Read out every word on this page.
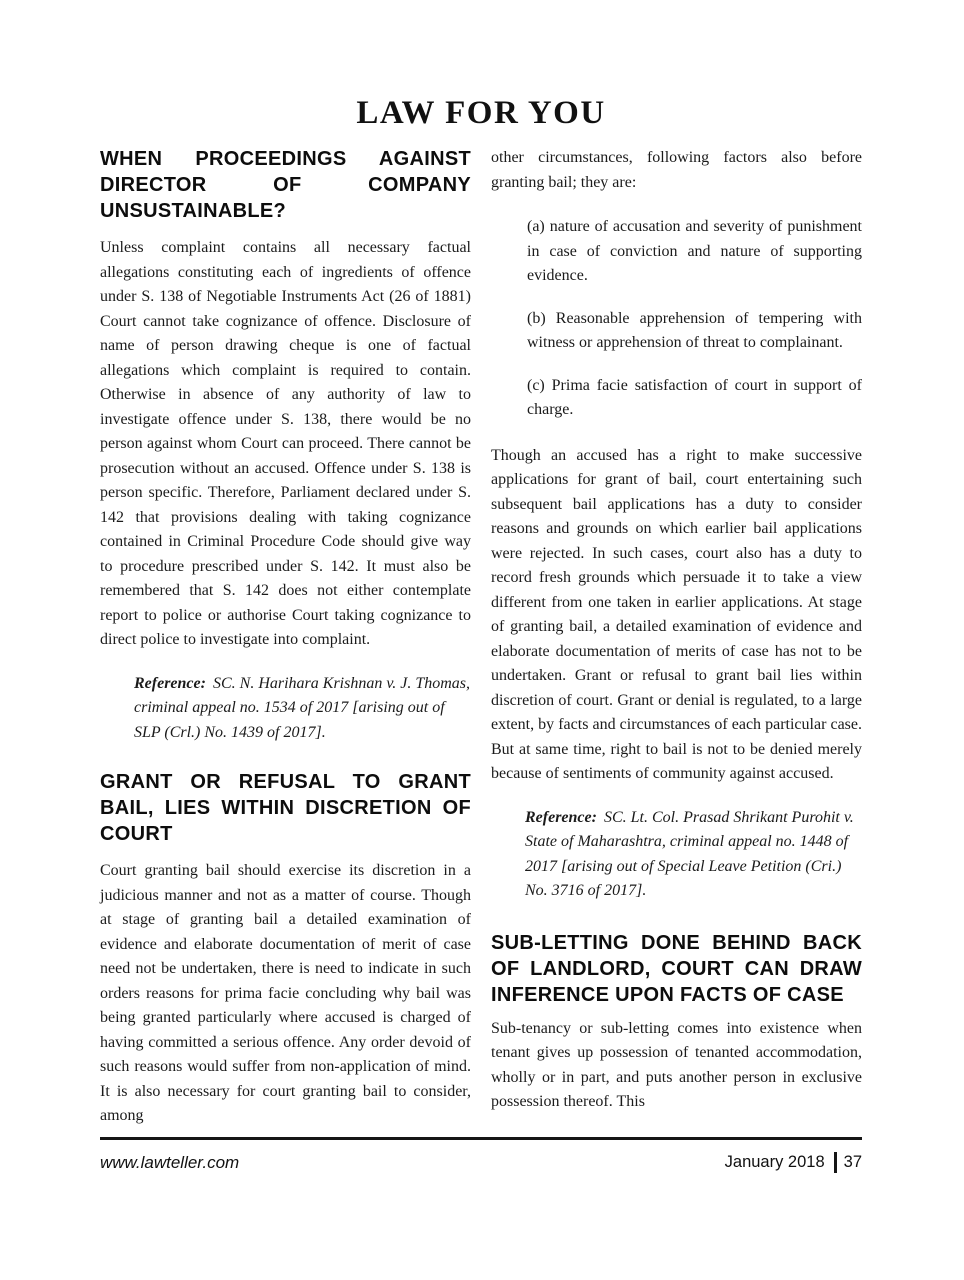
LAW FOR YOU
WHEN PROCEEDINGS AGAINST DIRECTOR OF COMPANY UNSUSTAINABLE?

Unless complaint contains all necessary factual allegations constituting each of ingredients of offence under S. 138 of Negotiable Instruments Act (26 of 1881) Court cannot take cognizance of offence. Disclosure of name of person drawing cheque is one of factual allegations which complaint is required to contain. Otherwise in absence of any authority of law to investigate offence under S. 138, there would be no person against whom Court can proceed. There cannot be prosecution without an accused. Offence under S. 138 is person specific. Therefore, Parliament declared under S. 142 that provisions dealing with taking cognizance contained in Criminal Procedure Code should give way to procedure prescribed under S. 142. It must also be remembered that S. 142 does not either contemplate report to police or authorise Court taking cognizance to direct police to investigate into complaint.

Reference: SC. N. Harihara Krishnan v. J. Thomas, criminal appeal no. 1534 of 2017 [arising out of SLP (Crl.) No. 1439 of 2017].
GRANT OR REFUSAL TO GRANT BAIL, LIES WITHIN DISCRETION OF COURT

Court granting bail should exercise its discretion in a judicious manner and not as a matter of course. Though at stage of granting bail a detailed examination of evidence and elaborate documentation of merit of case need not be undertaken, there is need to indicate in such orders reasons for prima facie concluding why bail was being granted particularly where accused is charged of having committed a serious offence. Any order devoid of such reasons would suffer from non-application of mind. It is also necessary for court granting bail to consider, among

other circumstances, following factors also before granting bail; they are:

(a) nature of accusation and severity of punishment in case of conviction and nature of supporting evidence.

(b) Reasonable apprehension of tempering with witness or apprehension of threat to complainant.

(c) Prima facie satisfaction of court in support of charge.

Though an accused has a right to make successive applications for grant of bail, court entertaining such subsequent bail applications has a duty to consider reasons and grounds on which earlier bail applications were rejected. In such cases, court also has a duty to record fresh grounds which persuade it to take a view different from one taken in earlier applications. At stage of granting bail, a detailed examination of evidence and elaborate documentation of merits of case has not to be undertaken. Grant or refusal to grant bail lies within discretion of court. Grant or denial is regulated, to a large extent, by facts and circumstances of each particular case. But at same time, right to bail is not to be denied merely because of sentiments of community against accused.

Reference: SC. Lt. Col. Prasad Shrikant Purohit v. State of Maharashtra, criminal appeal no. 1448 of 2017 [arising out of Special Leave Petition (Cri.) No. 3716 of 2017].
SUB-LETTING DONE BEHIND BACK OF LANDLORD, COURT CAN DRAW INFERENCE UPON FACTS OF CASE

Sub-tenancy or sub-letting comes into existence when tenant gives up possession of tenanted accommodation, wholly or in part, and puts another person in exclusive possession thereof. This

www.lawteller.com	January 2018 37
